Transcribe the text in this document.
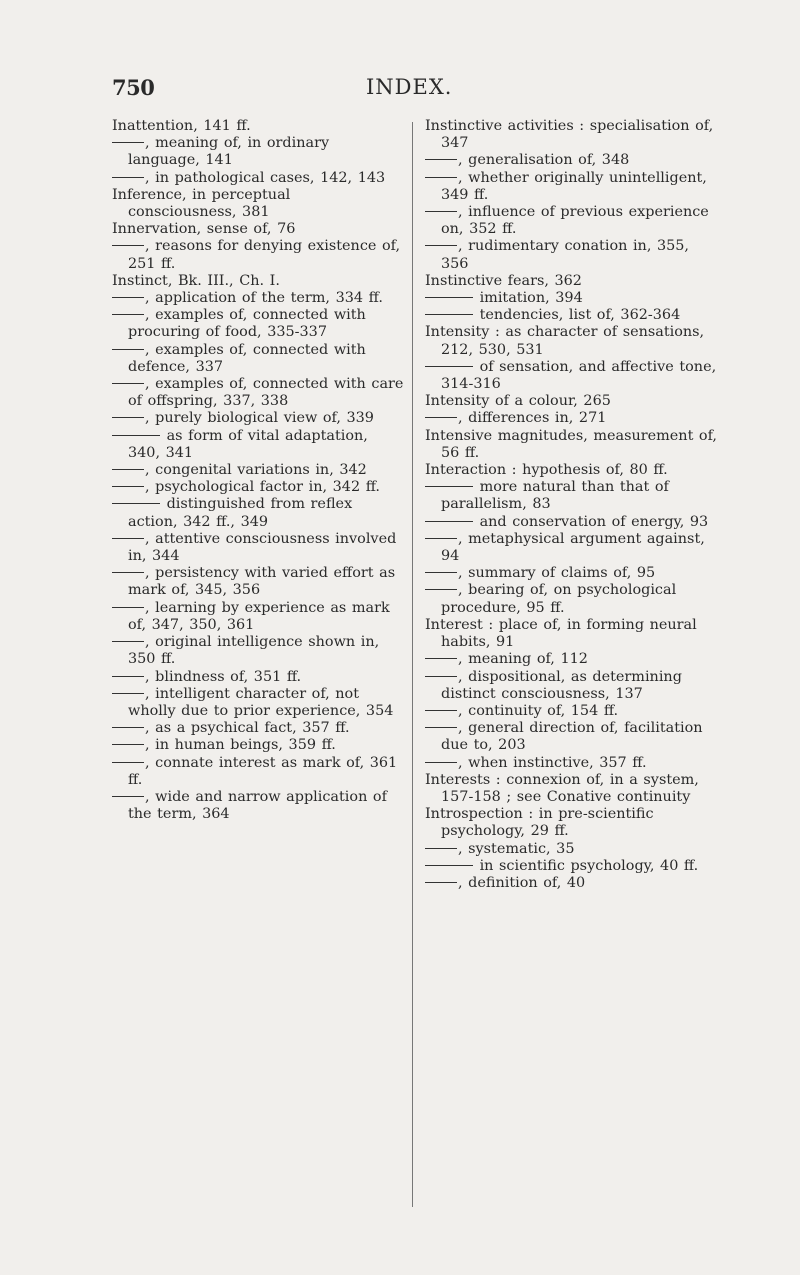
750	INDEX.
Inattention, 141 ff.
, meaning of, in ordinary language, 141
, in pathological cases, 142, 143
Inference, in perceptual consciousness, 381
Innervation, sense of, 76
, reasons for denying existence of, 251 ff.
Instinct, Bk. III., Ch. I.
, application of the term, 334 ff.
, examples of, connected with procuring of food, 335-337
, examples of, connected with defence, 337
, examples of, connected with care of offspring, 337, 338
, purely biological view of, 339
as form of vital adaptation, 340, 341
, congenital variations in, 342
, psychological factor in, 342 ff.
distinguished from reflex action, 342 ff., 349
, attentive consciousness involved in, 344
, persistency with varied effort as mark of, 345, 356
, learning by experience as mark of, 347, 350, 361
, original intelligence shown in, 350 ff.
, blindness of, 351 ff.
, intelligent character of, not wholly due to prior experience, 354
, as a psychical fact, 357 ff.
, in human beings, 359 ff.
, connate interest as mark of, 361 ff.
, wide and narrow application of the term, 364
Instinctive activities : specialisation of, 347
, generalisation of, 348
, whether originally unintelligent, 349 ff.
, influence of previous experience on, 352 ff.
, rudimentary conation in, 355, 356
Instinctive fears, 362
imitation, 394
tendencies, list of, 362-364
Intensity : as character of sensations, 212, 530, 531
of sensation, and affective tone, 314-316
Intensity of a colour, 265
, differences in, 271
Intensive magnitudes, measurement of, 56 ff.
Interaction : hypothesis of, 80 ff.
more natural than that of parallelism, 83
and conservation of energy, 93
, metaphysical argument against, 94
, summary of claims of, 95
, bearing of, on psychological procedure, 95 ff.
Interest : place of, in forming neural habits, 91
, meaning of, 112
, dispositional, as determining distinct consciousness, 137
, continuity of, 154 ff.
, general direction of, facilitation due to, 203
, when instinctive, 357 ff.
Interests : connexion of, in a system, 157-158 ; see Conative continuity
Introspection : in pre-scientific psychology, 29 ff.
, systematic, 35
in scientific psychology, 40 ff.
, definition of, 40
